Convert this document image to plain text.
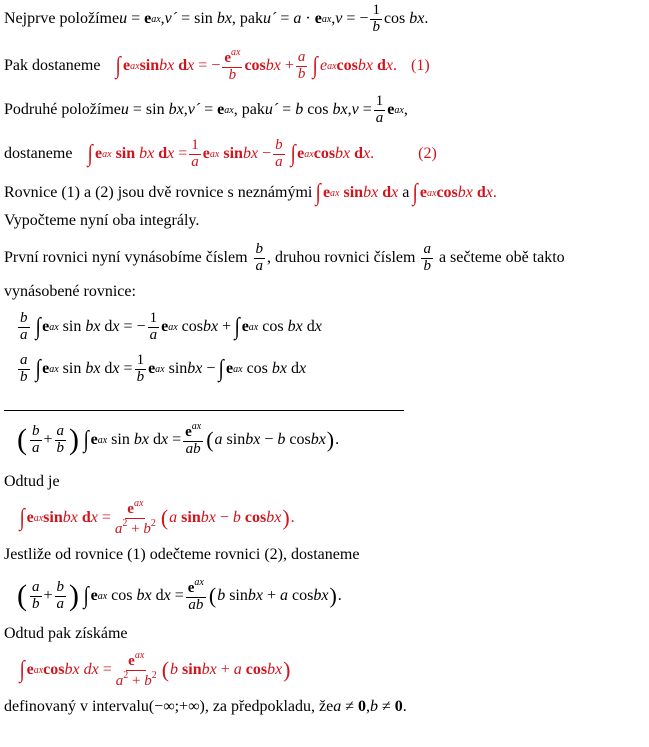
Nejprve položíme u = e ax , v´ = sin bx , pak u´ = a · e ax , v = − $\frac{1}{b}$ cos bx .
Pak dostaneme ∫ e ax sin bx
d x = − $\frac{e^{ax}}{b}$ cos bx + $\frac{a}{b}$ ∫ e ax cos bx
d x . (1)
Podruhé položíme u = sin bx , v´ = e ax , pak u´ = b cos bx , $v = \frac{1}{a}$ e ax ,
dostaneme ∫ e ax sin
bx
d $x = \frac{1}{a}$ e ax
sin bx − $\frac{b}{a}$ ∫ e ax cos bx
d x .	(2)
Rovnice (1) a (2) jsou dvě rovnice s neznámými ∫ e ax sin bx
d x
a ∫ e ax cos bx
d x .
Vypočteme nyní oba integrály.
První rovnici nyní vynásobíme číslem
$\frac{b}{a}$ , druhou rovnici číslem
$\frac{a}{b}$
a sečteme obě takto
vynásobené rovnice:
$\frac{b}{a}$ ∫ e ax sin bx d x = − $\frac{1}{a}$ e ax cos bx + ∫ e ax cos bx d x
$\frac{a}{b}$ ∫ e ax sin bx d $x = \frac{1}{b}$ e ax sin bx − ∫ e ax cos bx d x
( $\frac{b}{a} + \frac{a}{b}$ ) ∫ e ax sin bx d $x = \frac{e^{ax}}{ab}$ ( a sin bx − b cos bx ) .
Odtud je
∫ e ax sin bx
d $x = \frac{e^{ax}}{a^2 + b^2}$ ( a
sin bx − b
cos bx ) .
Jestliže od rovnice (1) odečteme rovnici (2), dostaneme
( $\frac{a}{b} + \frac{b}{a}$ ) ∫ e ax cos bx d $x = \frac{e^{ax}}{ab}$ ( b sin bx + a cos bx ) .
Odtud pak získáme
∫ e ax cos bx
dx = $\frac{e^{ax}}{a^2 + b^2}$ ( b
sin bx + a
cos bx )
definovaný v intervalu (−∞;+∞) , za předpokladu, že a ≠ 0 , b ≠ 0 .
